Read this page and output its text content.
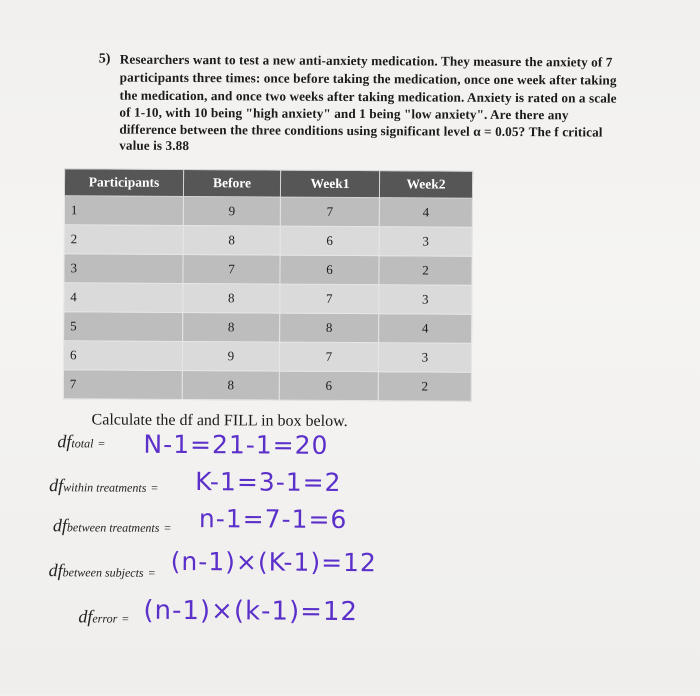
5) Researchers want to test a new anti-anxiety medication. They measure the anxiety of 7
participants three times: once before taking the medication, once one week after taking
the medication, and once two weeks after taking medication. Anxiety is rated on a scale
of 1-10, with 10 being "high anxiety" and 1 being "low anxiety". Are there any
difference between the three conditions using significant level α = 0.05? The f critical
value is 3.88
Participants	Before	Week1	Week2
1	9	7	4
2	8	6	3
3	7	6	2
4	8	7	3
5	8	8	4
6	9	7	3
7	8	6	2
Calculate the df and FILL in box below.
dftotal = N-1=21-1=20
dfwithin treatments = K-1=3-1=2
dfbetween treatments = n-1=7-1=6
dfbetween subjects = (n-1)×(K-1)=12
dferror = (n-1)×(k-1)=12
